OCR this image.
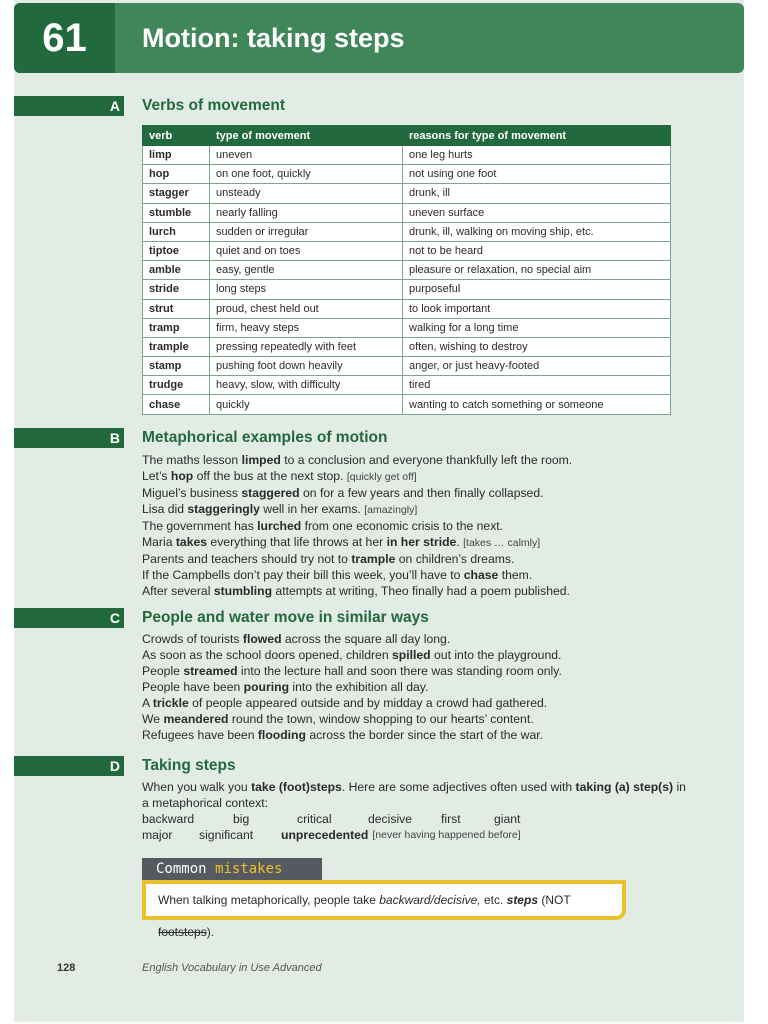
61	Motion: taking steps
A Verbs of movement
verb	type of movement	reasons for type of movement
limp	uneven	one leg hurts
hop	on one foot, quickly	not using one foot
stagger	unsteady	drunk, ill
stumble	nearly falling	uneven surface
lurch	sudden or irregular	drunk, ill, walking on moving ship, etc.
tiptoe	quiet and on toes	not to be heard
amble	easy, gentle	pleasure or relaxation, no special aim
stride	long steps	purposeful
strut	proud, chest held out	to look important
tramp	firm, heavy steps	walking for a long time
trample	pressing repeatedly with feet	often, wishing to destroy
stamp	pushing foot down heavily	anger, or just heavy-footed
trudge	heavy, slow, with difficulty	tired
chase	quickly	wanting to catch something or someone
B Metaphorical examples of motion
The maths lesson limped to a conclusion and everyone thankfully left the room.
Let’s hop off the bus at the next stop. [quickly get off]
Miguel’s business staggered on for a few years and then finally collapsed.
Lisa did staggeringly well in her exams. [amazingly]
The government has lurched from one economic crisis to the next.
Maria takes everything that life throws at her in her stride. [takes … calmly]
Parents and teachers should try not to trample on children’s dreams.
If the Campbells don’t pay their bill this week, you’ll have to chase them.
After several stumbling attempts at writing, Theo finally had a poem published.
C People and water move in similar ways
Crowds of tourists flowed across the square all day long.
As soon as the school doors opened, children spilled out into the playground.
People streamed into the lecture hall and soon there was standing room only.
People have been pouring into the exhibition all day.
A trickle of people appeared outside and by midday a crowd had gathered.
We meandered round the town, window shopping to our hearts’ content.
Refugees have been flooding across the border since the start of the war.
D Taking steps
When you walk you take (foot)steps. Here are some adjectives often used with taking (a) step(s) in
a metaphorical context:
backward	big	critical	decisive	first	giant
major	significant	unprecedented [never having happened before]
Common mistakes
When talking metaphorically, people take backward/decisive, etc. steps (NOT footsteps).
128	English Vocabulary in Use Advanced
